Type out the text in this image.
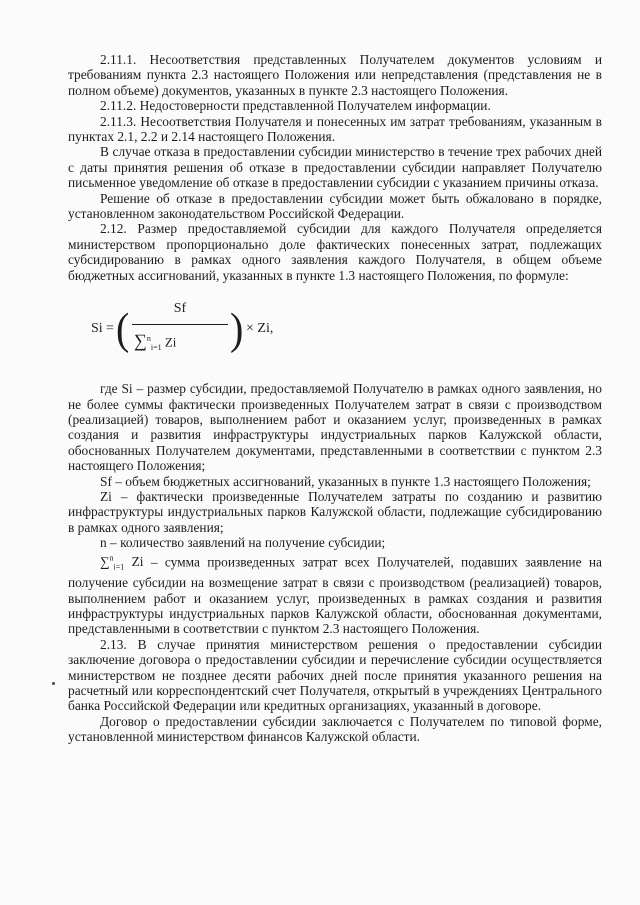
2.11.1. Несоответствия представленных Получателем документов условиям и требованиям пункта 2.3 настоящего Положения или непредставления (представления не в полном объеме) документов, указанных в пункте 2.3 настоящего Положения.

2.11.2. Недостоверности представленной Получателем информации.

2.11.3. Несоответствия Получателя и понесенных им затрат требованиям, указанным в пунктах 2.1, 2.2 и 2.14 настоящего Положения.

В случае отказа в предоставлении субсидии министерство в течение трех рабочих дней с даты принятия решения об отказе в предоставлении субсидии направляет Получателю письменное уведомление об отказе в предоставлении субсидии с указанием причины отказа.

Решение об отказе в предоставлении субсидии может быть обжаловано в порядке, установленном законодательством Российской Федерации.

2.12. Размер предоставляемой субсидии для каждого Получателя определяется министерством пропорционально доле фактических понесенных затрат, подлежащих субсидированию в рамках одного заявления каждого Получателя, в общем объеме бюджетных ассигнований, указанных в пункте 1.3 настоящего Положения, по формуле:

Si = (	Sf
∑$^n_{i=1}$ Zi	) × Zi,

где Si – размер субсидии, предоставляемой Получателю в рамках одного заявления, но не более суммы фактически произведенных Получателем затрат в связи с производством (реализацией) товаров, выполнением работ и оказанием услуг, произведенных в рамках создания и развития инфраструктуры индустриальных парков Калужской области, обоснованных Получателем документами, представленными в соответствии с пунктом 2.3 настоящего Положения;

Sf – объем бюджетных ассигнований, указанных в пункте 1.3 настоящего Положения;

Zi – фактически произведенные Получателем затраты по созданию и развитию инфраструктуры индустриальных парков Калужской области, подлежащие субсидированию в рамках одного заявления;

n – количество заявлений на получение субсидии;

∑$^n_{i=1}$ Zi – сумма произведенных затрат всех Получателей, подавших заявление на получение субсидии на возмещение затрат в связи с производством (реализацией) товаров, выполнением работ и оказанием услуг, произведенных в рамках создания и развития инфраструктуры индустриальных парков Калужской области, обоснованная документами, представленными в соответствии с пунктом 2.3 настоящего Положения.

2.13. В случае принятия министерством решения о предоставлении субсидии заключение договора о предоставлении субсидии и перечисление субсидии осуществляется министерством не позднее десяти рабочих дней после принятия указанного решения на расчетный или корреспондентский счет Получателя, открытый в учреждениях Центрального банка Российской Федерации или кредитных организациях, указанный в договоре.

Договор о предоставлении субсидии заключается с Получателем по типовой форме, установленной министерством финансов Калужской области.
